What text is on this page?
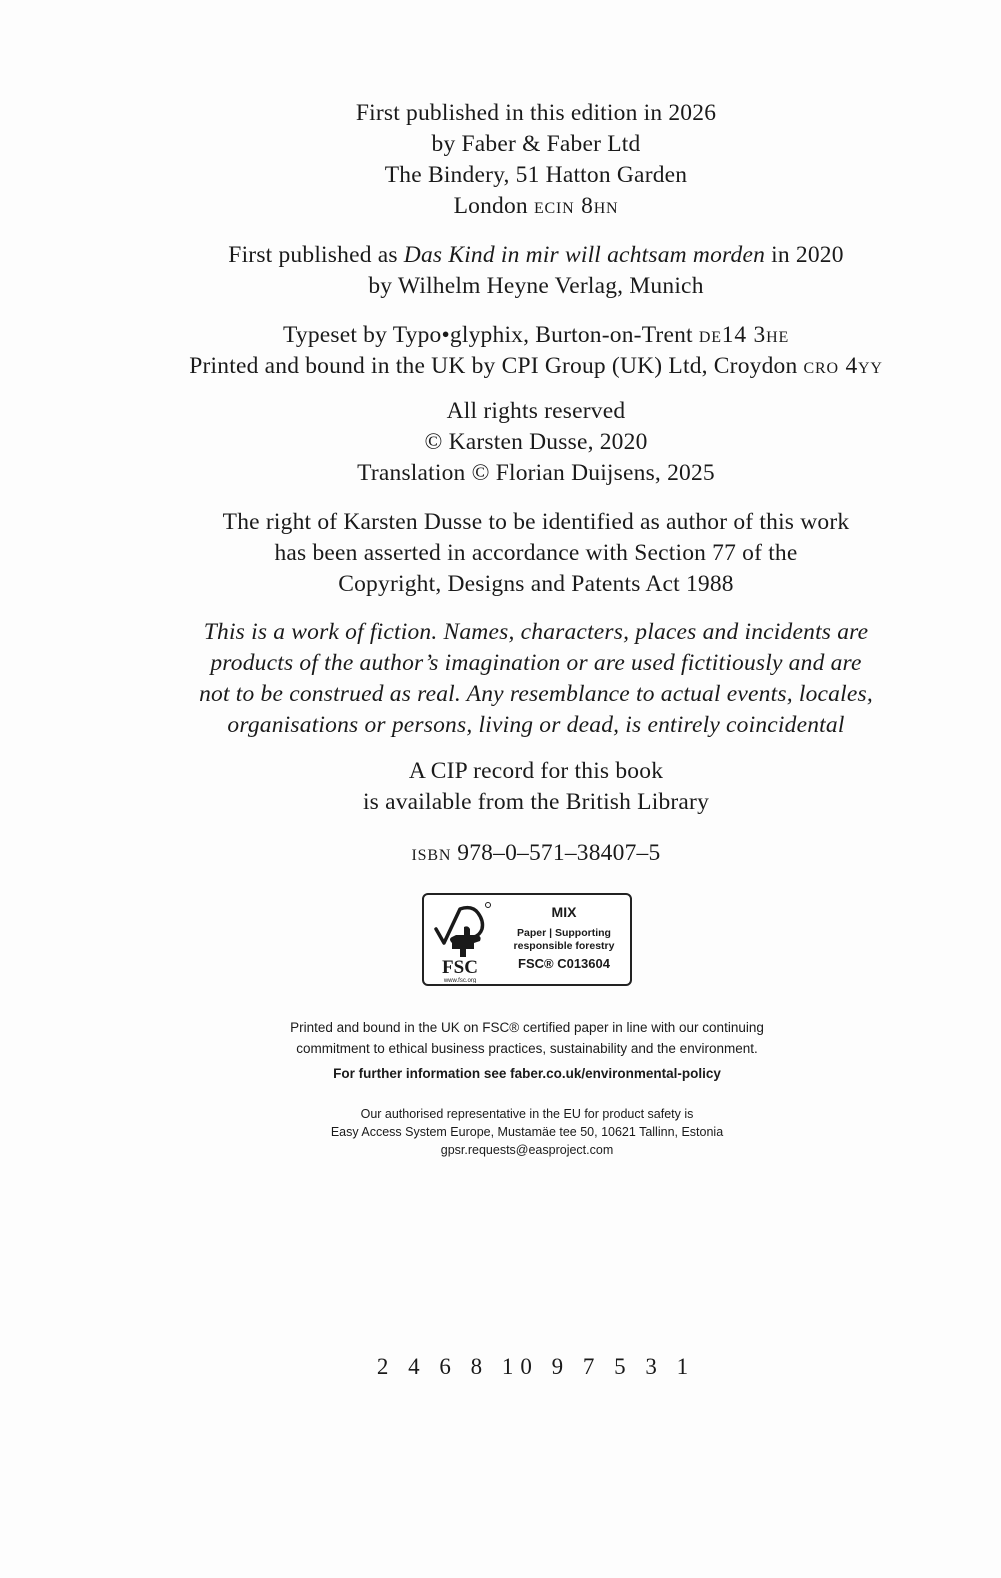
First published in this edition in 2026

by Faber & Faber Ltd

The Bindery, 51 Hatton Garden

London ecin 8hn

First published as Das Kind in mir will achtsam morden in 2020

by Wilhelm Heyne Verlag, Munich

Typeset by Typo•glyphix, Burton-on-Trent de14 3he

Printed and bound in the UK by CPI Group (UK) Ltd, Croydon cro 4yy

All rights reserved

© Karsten Dusse, 2020

Translation © Florian Duijsens, 2025

The right of Karsten Dusse to be identified as author of this work

has been asserted in accordance with Section 77 of the

Copyright, Designs and Patents Act 1988

This is a work of fiction. Names, characters, places and incidents are

products of the author’s imagination or are used fictitiously and are

not to be construed as real. Any resemblance to actual events, locales,

organisations or persons, living or dead, is entirely coincidental

A CIP record for this book

is available from the British Library

isbn 978–0–571–38407–5

FSC
www.fsc.org
MIX
Paper | Supporting
responsible forestry
FSC® C013604

Printed and bound in the UK on FSC® certified paper in line with our continuing

commitment to ethical business practices, sustainability and the environment.

For further information see faber.co.uk/environmental-policy

Our authorised representative in the EU for product safety is

Easy Access System Europe, Mustamäe tee 50, 10621 Tallinn, Estonia

gpsr.requests@easproject.com

2 4 6 8 10 9 7 5 3 1
